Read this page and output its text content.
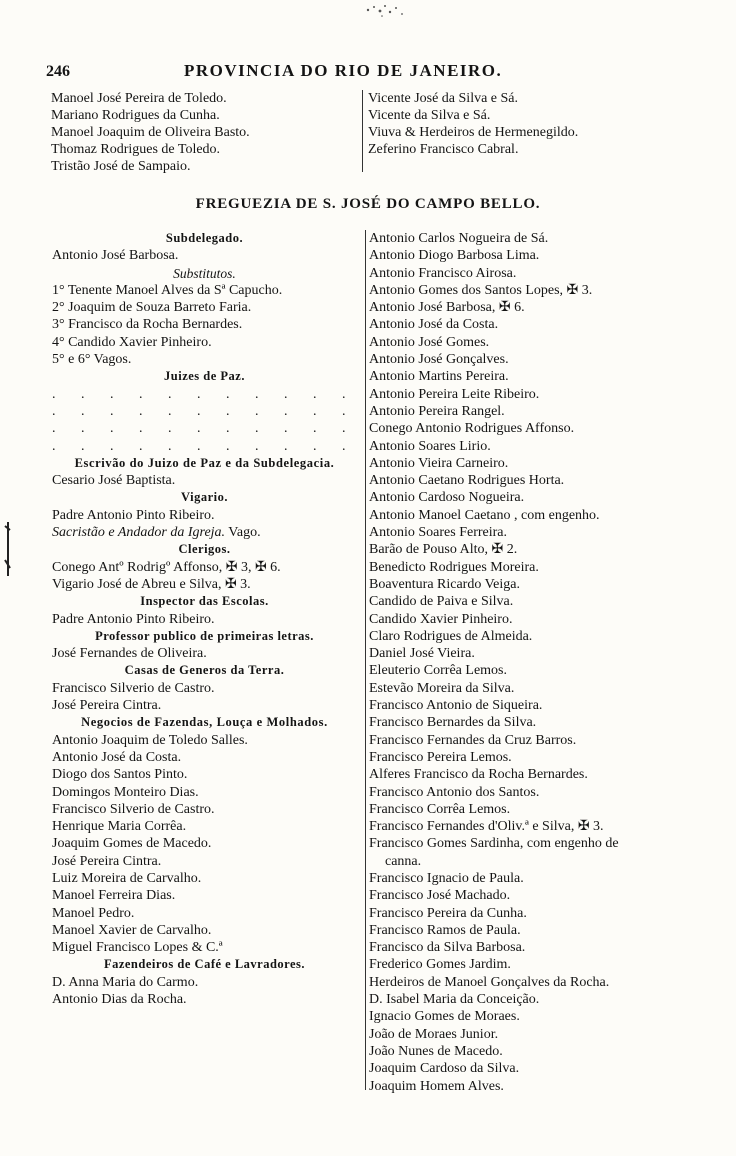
246	PROVINCIA DO RIO DE JANEIRO.
Manoel José Pereira de Toledo.
Mariano Rodrigues da Cunha.
Manoel Joaquim de Oliveira Basto.
Thomaz Rodrigues de Toledo.
Tristão José de Sampaio.
Vicente José da Silva e Sá.
Vicente da Silva e Sá.
Viuva & Herdeiros de Hermenegildo.
Zeferino Francisco Cabral.
FREGUEZIA DE S. JOSÉ DO CAMPO BELLO.
Subdelegado.
Antonio José Barbosa.
Substitutos.
1° Tenente Manoel Alves da Sª Capucho.
2° Joaquim de Souza Barreto Faria.
3° Francisco da Rocha Bernardes.
4° Candido Xavier Pinheiro.
5° e 6° Vagos.
Juizes de Paz.
. . . . . . . . . . .
. . . . . . . . . . .
. . . . . . . . . . .
. . . . . . . . . . .
Escrivão do Juizo de Paz e da Subdelegacia.
Cesario José Baptista.
Vigario.
Padre Antonio Pinto Ribeiro.
Sacristão e Andador da Igreja. Vago.
Clerigos.
Conego Antº Rodrigº Affonso, ✠ 3, ✠ 6.
Vigario José de Abreu e Silva, ✠ 3.
Inspector das Escolas.
Padre Antonio Pinto Ribeiro.
Professor publico de primeiras letras.
José Fernandes de Oliveira.
Casas de Generos da Terra.
Francisco Silverio de Castro.
José Pereira Cintra.
Negocios de Fazendas, Louça e Molhados.
Antonio Joaquim de Toledo Salles.
Antonio José da Costa.
Diogo dos Santos Pinto.
Domingos Monteiro Dias.
Francisco Silverio de Castro.
Henrique Maria Corrêa.
Joaquim Gomes de Macedo.
José Pereira Cintra.
Luiz Moreira de Carvalho.
Manoel Ferreira Dias.
Manoel Pedro.
Manoel Xavier de Carvalho.
Miguel Francisco Lopes & C.ª
Fazendeiros de Café e Lavradores.
D. Anna Maria do Carmo.
Antonio Dias da Rocha.
Antonio Carlos Nogueira de Sá.
Antonio Diogo Barbosa Lima.
Antonio Francisco Airosa.
Antonio Gomes dos Santos Lopes, ✠ 3.
Antonio José Barbosa, ✠ 6.
Antonio José da Costa.
Antonio José Gomes.
Antonio José Gonçalves.
Antonio Martins Pereira.
Antonio Pereira Leite Ribeiro.
Antonio Pereira Rangel.
Conego Antonio Rodrigues Affonso.
Antonio Soares Lirio.
Antonio Vieira Carneiro.
Antonio Caetano Rodrigues Horta.
Antonio Cardoso Nogueira.
Antonio Manoel Caetano , com engenho.
Antonio Soares Ferreira.
Barão de Pouso Alto, ✠ 2.
Benedicto Rodrigues Moreira.
Boaventura Ricardo Veiga.
Candido de Paiva e Silva.
Candido Xavier Pinheiro.
Claro Rodrigues de Almeida.
Daniel José Vieira.
Eleuterio Corrêa Lemos.
Estevão Moreira da Silva.
Francisco Antonio de Siqueira.
Francisco Bernardes da Silva.
Francisco Fernandes da Cruz Barros.
Francisco Pereira Lemos.
Alferes Francisco da Rocha Bernardes.
Francisco Antonio dos Santos.
Francisco Corrêa Lemos.
Francisco Fernandes d'Oliv.ª e Silva, ✠ 3.
Francisco Gomes Sardinha, com engenho de
canna.
Francisco Ignacio de Paula.
Francisco José Machado.
Francisco Pereira da Cunha.
Francisco Ramos de Paula.
Francisco da Silva Barbosa.
Frederico Gomes Jardim.
Herdeiros de Manoel Gonçalves da Rocha.
D. Isabel Maria da Conceição.
Ignacio Gomes de Moraes.
João de Moraes Junior.
João Nunes de Macedo.
Joaquim Cardoso da Silva.
Joaquim Homem Alves.
